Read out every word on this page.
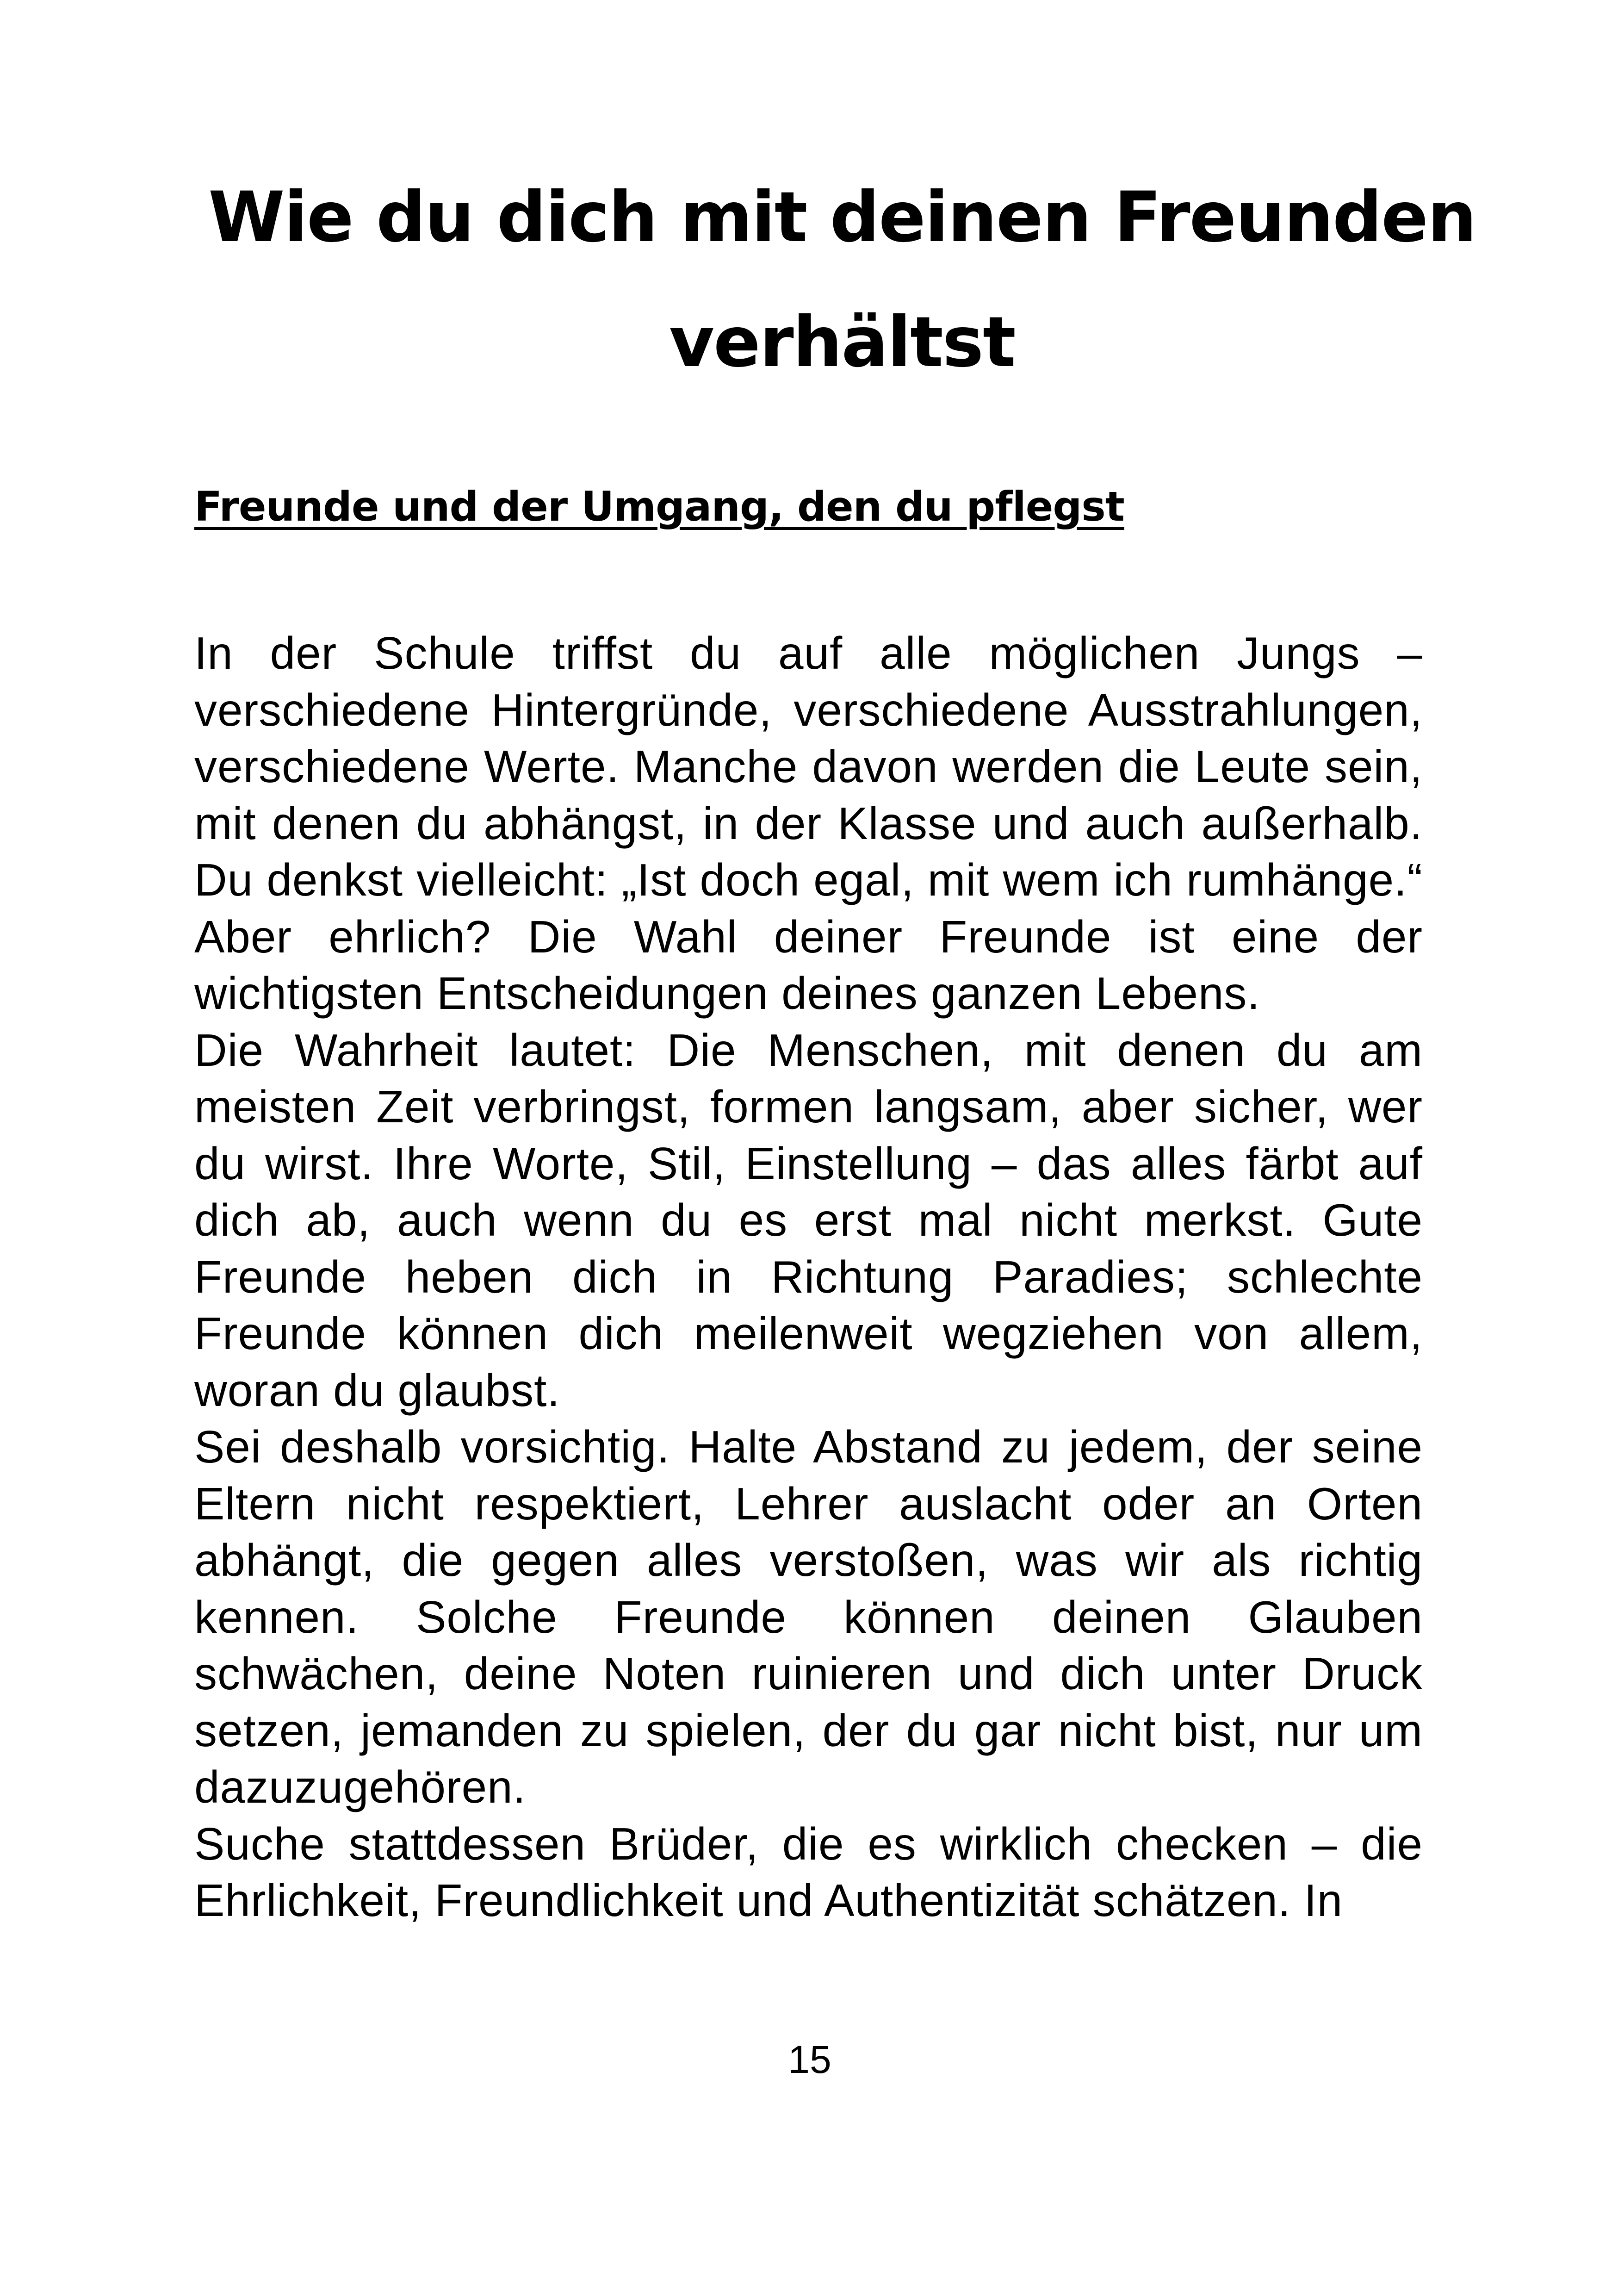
Wie du dich mit deinen Freunden verhältst
Freunde und der Umgang, den du pflegst

In der Schule triffst du auf alle möglichen Jungs – verschiedene Hintergründe, verschiedene Ausstrahlungen, verschiedene Werte. Manche davon werden die Leute sein, mit denen du abhängst, in der Klasse und auch außerhalb. Du denkst vielleicht: „Ist doch egal, mit wem ich rumhänge.“ Aber ehrlich? Die Wahl deiner Freunde ist eine der wichtigsten Entscheidungen deines ganzen Lebens.

Die Wahrheit lautet: Die Menschen, mit denen du am meisten Zeit verbringst, formen langsam, aber sicher, wer du wirst. Ihre Worte, Stil, Einstellung – das alles färbt auf dich ab, auch wenn du es erst mal nicht merkst. Gute Freunde heben dich in Richtung Paradies; schlechte Freunde können dich meilenweit wegziehen von allem, woran du glaubst.

Sei deshalb vorsichtig. Halte Abstand zu jedem, der seine Eltern nicht respektiert, Lehrer auslacht oder an Orten abhängt, die gegen alles verstoßen, was wir als richtig kennen. Solche Freunde können deinen Glauben schwächen, deine Noten ruinieren und dich unter Druck setzen, jemanden zu spielen, der du gar nicht bist, nur um dazuzugehören.

Suche stattdessen Brüder, die es wirklich checken – die Ehrlichkeit, Freundlichkeit und Authentizität schätzen. In

15
